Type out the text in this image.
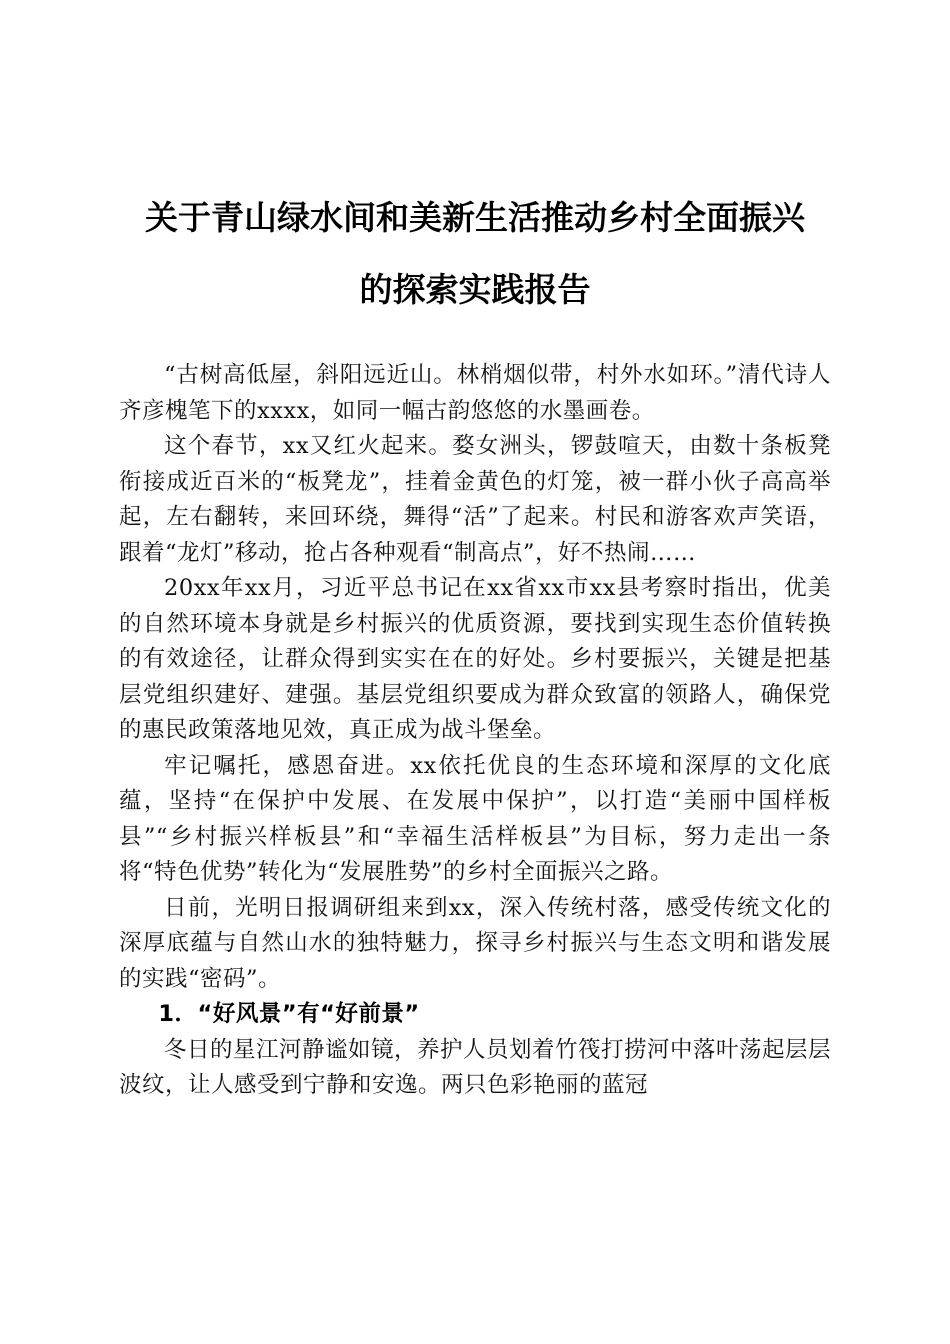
关于青山绿水间和美新生活推动乡村全面振兴
的探索实践报告

“古树高低屋，斜阳远近山。林梢烟似带，村外水如环。”清代诗人齐彦槐笔下的xxxx，如同一幅古韵悠悠的水墨画卷。

这个春节，xx又红火起来。婺女洲头，锣鼓喧天，由数十条板凳衔接成近百米的“板凳龙”，挂着金黄色的灯笼，被一群小伙子高高举起，左右翻转，来回环绕，舞得“活”了起来。村民和游客欢声笑语，跟着“龙灯”移动，抢占各种观看“制高点”，好不热闹……

20xx年xx月，习近平总书记在xx省xx市xx县考察时指出，优美的自然环境本身就是乡村振兴的优质资源，要找到实现生态价值转换的有效途径，让群众得到实实在在的好处。乡村要振兴，关键是把基层党组织建好、建强。基层党组织要成为群众致富的领路人，确保党的惠民政策落地见效，真正成为战斗堡垒。

牢记嘱托，感恩奋进。xx依托优良的生态环境和深厚的文化底蕴，坚持“在保护中发展、在发展中保护”，以打造“美丽中国样板县”“乡村振兴样板县”和“幸福生活样板县”为目标，努力走出一条将“特色优势”转化为“发展胜势”的乡村全面振兴之路。

日前，光明日报调研组来到xx，深入传统村落，感受传统文化的深厚底蕴与自然山水的独特魅力，探寻乡村振兴与生态文明和谐发展的实践“密码”。

1．“好风景”有“好前景”

冬日的星江河静谧如镜，养护人员划着竹筏打捞河中落叶荡起层层波纹，让人感受到宁静和安逸。两只色彩艳丽的蓝冠
